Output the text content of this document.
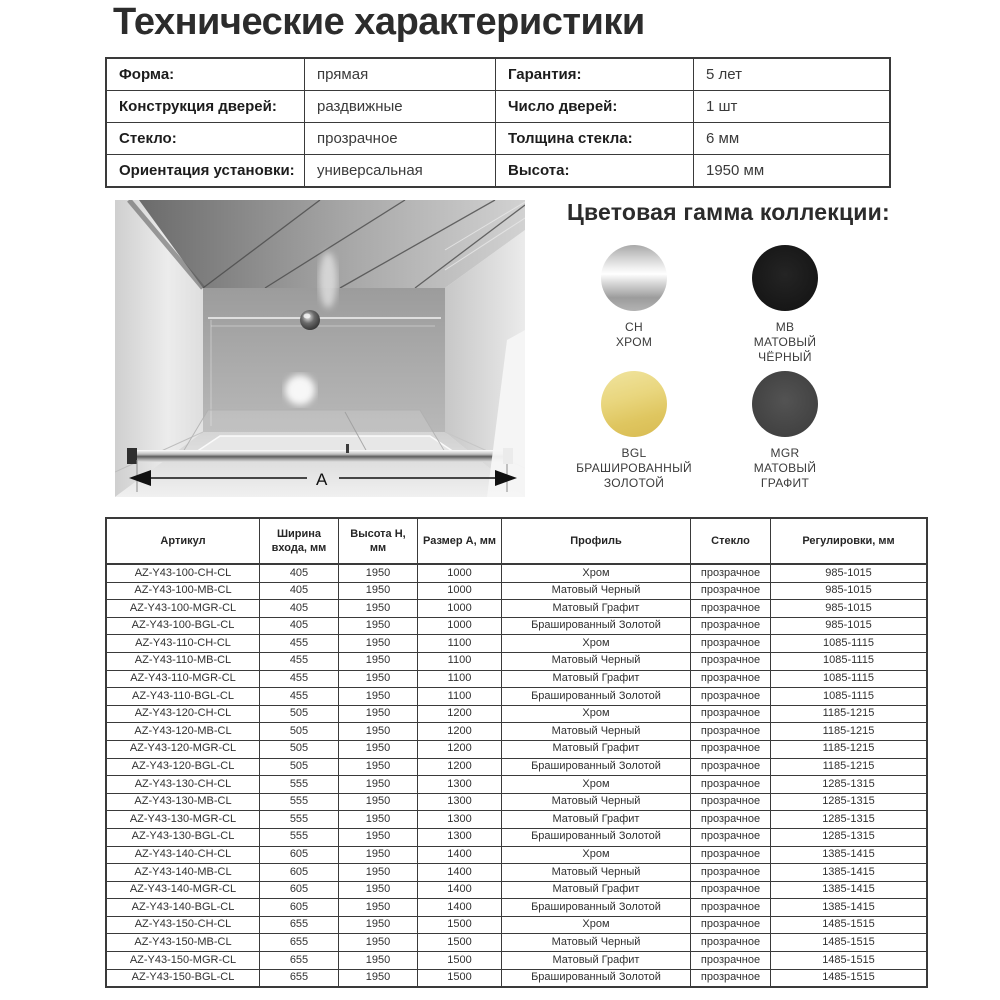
Технические характеристики
Форма:	прямая	Гарантия:	5 лет
Конструкция дверей:	раздвижные	Число дверей:	1 шт
Стекло:	прозрачное	Толщина стекла:	6 мм
Ориентация установки:	универсальная	Высота:	1950 мм
A
Цветовая гамма коллекции:
CH
ХРОМ
MB
МАТОВЫЙ
ЧЁРНЫЙ
BGL
БРАШИРОВАННЫЙ
ЗОЛОТОЙ
MGR
МАТОВЫЙ
ГРАФИТ
Артикул	Ширина входа, мм	Высота H, мм	Размер A, мм	Профиль	Стекло	Регулировки, мм
AZ-Y43-100-CH-CL	405	1950	1000	Хром	прозрачное	985-1015
AZ-Y43-100-MB-CL	405	1950	1000	Матовый Черный	прозрачное	985-1015
AZ-Y43-100-MGR-CL	405	1950	1000	Матовый Графит	прозрачное	985-1015
AZ-Y43-100-BGL-CL	405	1950	1000	Брашированный Золотой	прозрачное	985-1015
AZ-Y43-110-CH-CL	455	1950	1100	Хром	прозрачное	1085-1115
AZ-Y43-110-MB-CL	455	1950	1100	Матовый Черный	прозрачное	1085-1115
AZ-Y43-110-MGR-CL	455	1950	1100	Матовый Графит	прозрачное	1085-1115
AZ-Y43-110-BGL-CL	455	1950	1100	Брашированный Золотой	прозрачное	1085-1115
AZ-Y43-120-CH-CL	505	1950	1200	Хром	прозрачное	1185-1215
AZ-Y43-120-MB-CL	505	1950	1200	Матовый Черный	прозрачное	1185-1215
AZ-Y43-120-MGR-CL	505	1950	1200	Матовый Графит	прозрачное	1185-1215
AZ-Y43-120-BGL-CL	505	1950	1200	Брашированный Золотой	прозрачное	1185-1215
AZ-Y43-130-CH-CL	555	1950	1300	Хром	прозрачное	1285-1315
AZ-Y43-130-MB-CL	555	1950	1300	Матовый Черный	прозрачное	1285-1315
AZ-Y43-130-MGR-CL	555	1950	1300	Матовый Графит	прозрачное	1285-1315
AZ-Y43-130-BGL-CL	555	1950	1300	Брашированный Золотой	прозрачное	1285-1315
AZ-Y43-140-CH-CL	605	1950	1400	Хром	прозрачное	1385-1415
AZ-Y43-140-MB-CL	605	1950	1400	Матовый Черный	прозрачное	1385-1415
AZ-Y43-140-MGR-CL	605	1950	1400	Матовый Графит	прозрачное	1385-1415
AZ-Y43-140-BGL-CL	605	1950	1400	Брашированный Золотой	прозрачное	1385-1415
AZ-Y43-150-CH-CL	655	1950	1500	Хром	прозрачное	1485-1515
AZ-Y43-150-MB-CL	655	1950	1500	Матовый Черный	прозрачное	1485-1515
AZ-Y43-150-MGR-CL	655	1950	1500	Матовый Графит	прозрачное	1485-1515
AZ-Y43-150-BGL-CL	655	1950	1500	Брашированный Золотой	прозрачное	1485-1515
